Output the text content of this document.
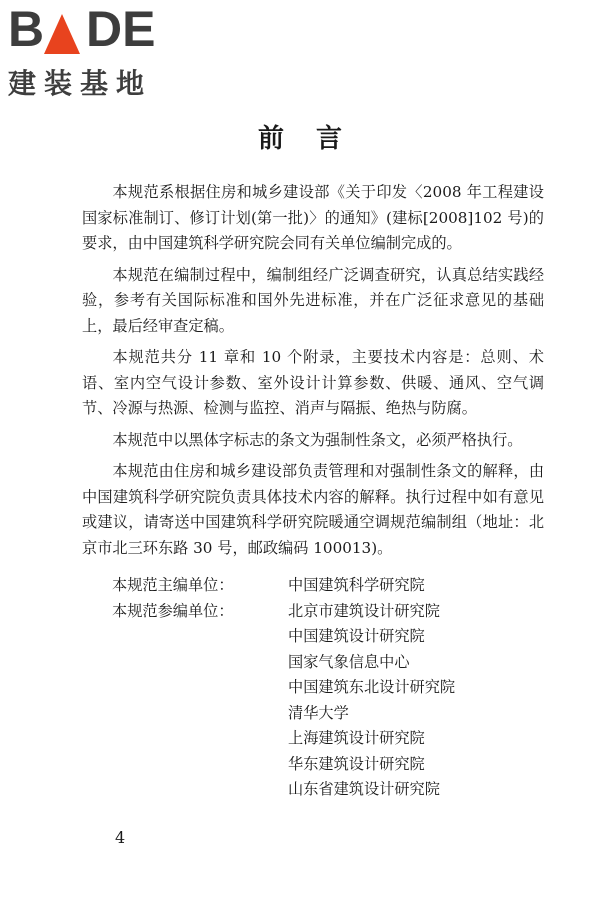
B DE
建装基地
前言

本规范系根据住房和城乡建设部《关于印发〈2008 年工程建设国家标准制订、修订计划(第一批)〉的通知》(建标[2008]102 号)的要求，由中国建筑科学研究院会同有关单位编制完成的。

本规范在编制过程中，编制组经广泛调查研究，认真总结实践经验，参考有关国际标准和国外先进标准，并在广泛征求意见的基础上，最后经审查定稿。

本规范共分 11 章和 10 个附录，主要技术内容是：总则、术语、室内空气设计参数、室外设计计算参数、供暖、通风、空气调节、冷源与热源、检测与监控、消声与隔振、绝热与防腐。

本规范中以黑体字标志的条文为强制性条文，必须严格执行。

本规范由住房和城乡建设部负责管理和对强制性条文的解释，由中国建筑科学研究院负责具体技术内容的解释。执行过程中如有意见或建议，请寄送中国建筑科学研究院暖通空调规范编制组（地址：北京市北三环东路 30 号，邮政编码 100013)。

本规范主编单位：	中国建筑科学研究院
本规范参编单位：	北京市建筑设计研究院
中国建筑设计研究院
国家气象信息中心
中国建筑东北设计研究院
清华大学
上海建筑设计研究院
华东建筑设计研究院
山东省建筑设计研究院
4
